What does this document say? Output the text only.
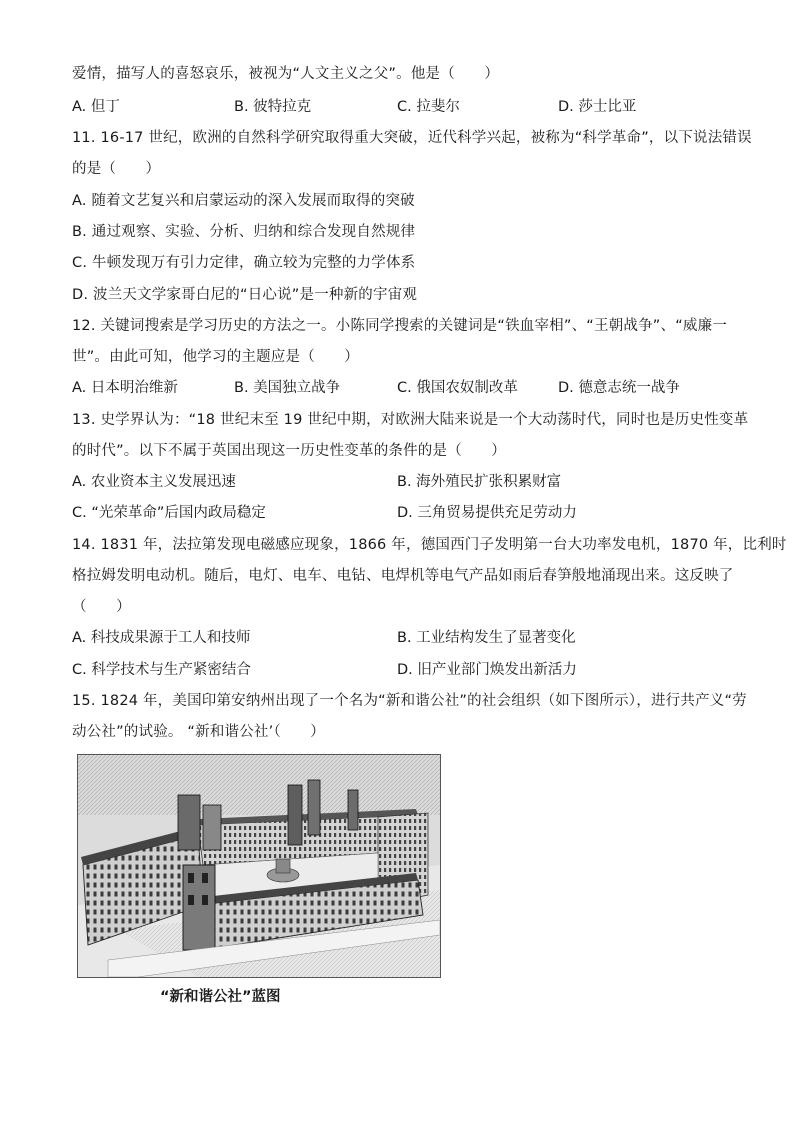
爱情，描写人的喜怒哀乐，被视为“人文主义之父”。他是（　　）
A. 但丁	B. 彼特拉克	C. 拉斐尔	D. 莎士比亚
11. 16-17 世纪，欧洲的自然科学研究取得重大突破，近代科学兴起，被称为“科学革命”，以下说法错误
的是（　　）
A. 随着文艺复兴和启蒙运动的深入发展而取得的突破
B. 通过观察、实验、分析、归纳和综合发现自然规律
C. 牛顿发现万有引力定律，确立较为完整的力学体系
D. 波兰天文学家哥白尼的“日心说”是一种新的宇宙观
12. 关键词搜索是学习历史的方法之一。小陈同学搜索的关键词是“铁血宰相”、“王朝战争”、“威廉一
世”。由此可知，他学习的主题应是（　　）
A. 日本明治维新	B. 美国独立战争	C. 俄国农奴制改革	D. 德意志统一战争
13. 史学界认为：“18 世纪末至 19 世纪中期，对欧洲大陆来说是一个大动荡时代，同时也是历史性变革
的时代”。以下不属于英国出现这一历史性变革的条件的是（　　）
A. 农业资本主义发展迅速	B. 海外殖民扩张积累财富
C. “光荣革命”后国内政局稳定	D. 三角贸易提供充足劳动力
14. 1831 年，法拉第发现电磁感应现象，1866 年，德国西门子发明第一台大功率发电机，1870 年，比利时
格拉姆发明电动机。随后，电灯、电车、电钻、电焊机等电气产品如雨后春笋般地涌现出来。这反映了
（　　）
A. 科技成果源于工人和技师	B. 工业结构发生了显著变化
C. 科学技术与生产紧密结合	D. 旧产业部门焕发出新活力
15. 1824 年，美国印第安纳州出现了一个名为“新和谐公社”的社会组织（如下图所示），进行共产义“劳
动公社”的试验。 “新和谐公社’（　　）
“新和谐公社”蓝图
